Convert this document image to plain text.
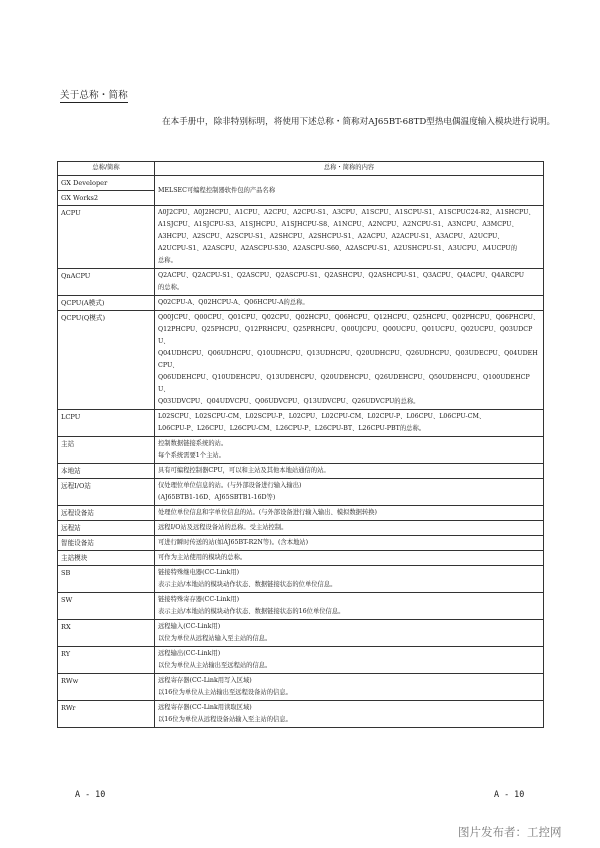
关于总称・简称
在本手册中，除非特别标明，将使用下述总称・简称对AJ65BT-68TD型热电偶温度输入模块进行说明。
总称/简称	总称・简称的内容
GX Developer	MELSEC可编程控制器软件包的产品名称
GX Works2	
ACPU	A0J2CPU、A0J2HCPU、A1CPU、A2CPU、A2CPU-S1、A3CPU、A1SCPU、A1SCPU-S1、A1SCPUC24-R2、A1SHCPU、
A1SJCPU、A1SJCPU-S3、A1SJHCPU、A1SJHCPU-S8、A1NCPU、A2NCPU、A2NCPU-S1、A3NCPU、A3MCPU、
A3HCPU、A2SCPU、A2SCPU-S1、A2SHCPU、A2SHCPU-S1、A2ACPU、A2ACPU-S1、A3ACPU、A2UCPU、
A2UCPU-S1、A2ASCPU、A2ASCPU-S30、A2ASCPU-S60、A2ASCPU-S1、A2USHCPU-S1、A3UCPU、A4UCPU的
总称。

QnACPU	Q2ACPU、Q2ACPU-S1、Q2ASCPU、Q2ASCPU-S1、Q2ASHCPU、Q2ASHCPU-S1、Q3ACPU、Q4ACPU、Q4ARCPU
的总称。

QCPU(A模式)	Q02CPU-A、Q02HCPU-A、Q06HCPU-A的总称。

QCPU(Q模式)	Q00JCPU、Q00CPU、Q01CPU、Q02CPU、Q02HCPU、Q06HCPU、Q12HCPU、Q25HCPU、Q02PHCPU、Q06PHCPU、
Q12PHCPU、Q25PHCPU、Q12PRHCPU、Q25PRHCPU、Q00UJCPU、Q00UCPU、Q01UCPU、Q02UCPU、Q03UDCPU、
Q04UDHCPU、Q06UDHCPU、Q10UDHCPU、Q13UDHCPU、Q20UDHCPU、Q26UDHCPU、Q03UDECPU、Q04UDEHCPU、
Q06UDEHCPU、Q10UDEHCPU、Q13UDEHCPU、Q20UDEHCPU、Q26UDEHCPU、Q50UDEHCPU、Q100UDEHCPU、
Q03UDVCPU、Q04UDVCPU、Q06UDVCPU、Q13UDVCPU、Q26UDVCPU的总称。

LCPU	L02SCPU、L02SCPU-CM、L02SCPU-P、L02CPU、L02CPU-CM、L02CPU-P、L06CPU、L06CPU-CM、
L06CPU-P、L26CPU、L26CPU-CM、L26CPU-P、L26CPU-BT、L26CPU-PBT的总称。

主站	控制数据链接系统的站。
每个系统需要1个主站。

本地站	具有可编程控制器CPU，可以和主站及其他本地站通信的站。

远程I/O站	仅处理位单位信息的站。(与外部设备进行输入输出)
(AJ65BTB1-16D、AJ65SBTB1-16D等)

远程设备站	处理位单位信息和字单位信息的站。(与外部设备进行输入输出、模拟数据转换)

远程站	远程I/O站及远程设备站的总称。受主站控制。

智能设备站	可进行瞬时传送的站(如AJ65BT-R2N等)。(含本地站)

主站模块	可作为主站使用的模块的总称。

SB	链接特殊继电器(CC-Link用)
表示主站/本地站的模块动作状态、数据链接状态的位单位信息。

SW	链接特殊寄存器(CC-Link用)
表示主站/本地站的模块动作状态、数据链接状态的16位单位信息。

RX	远程输入(CC-Link用)
以位为单位从远程站输入至主站的信息。

RY	远程输出(CC-Link用)
以位为单位从主站输出至远程站的信息。

RWw	远程寄存器(CC-Link用写入区域)
以16位为单位从主站输出至远程设备站的信息。

RWr	远程寄存器(CC-Link用读取区域)
以16位为单位从远程设备站输入至主站的信息。
A - 10	A - 10
图片发布者：工控网
